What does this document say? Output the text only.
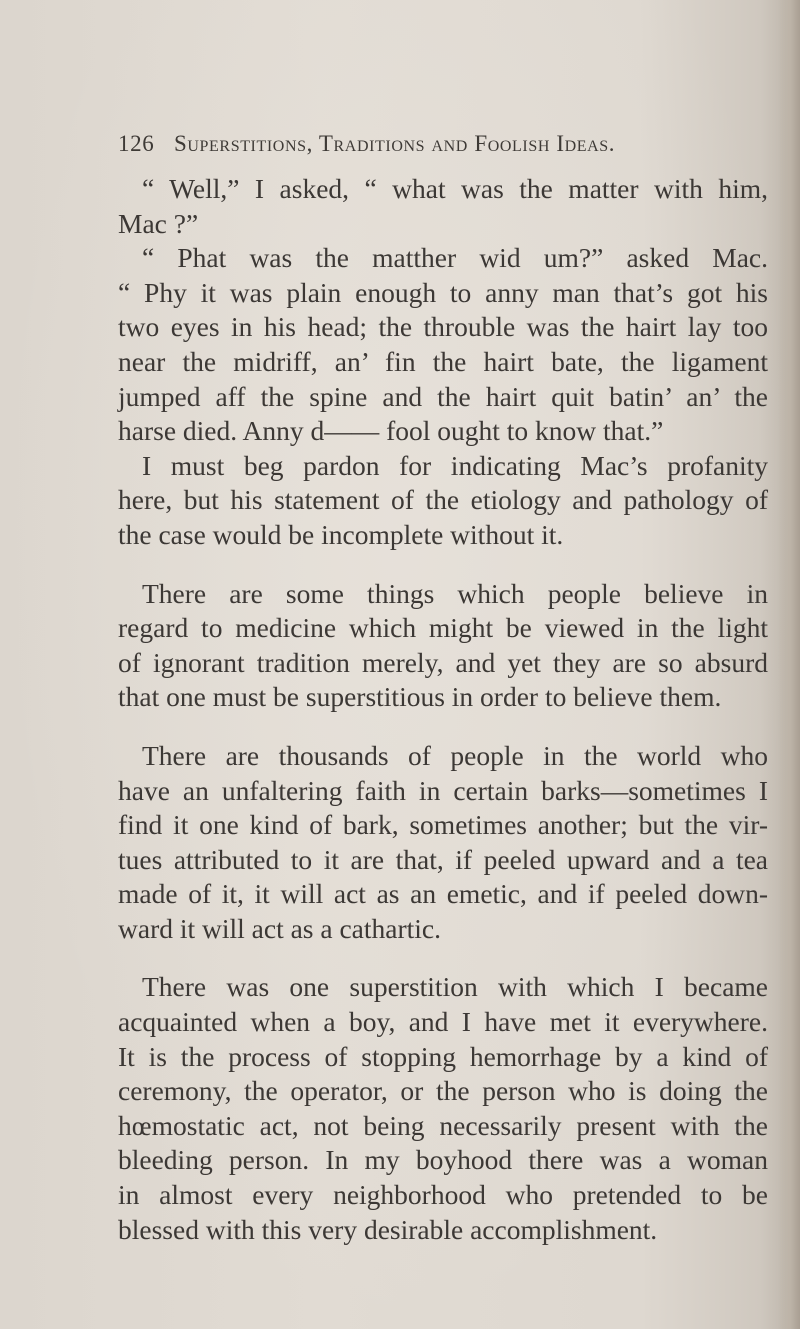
126 Superstitions, Traditions and Foolish Ideas.
“ Well,” I asked, “ what was the matter with him,
Mac ?”
“ Phat was the matther wid um?” asked Mac.
“ Phy it was plain enough to anny man that’s got his
two eyes in his head; the throuble was the hairt lay too
near the midriff, an’ fin the hairt bate, the ligament
jumped aff the spine and the hairt quit batin’ an’ the
harse died. Anny d—— fool ought to know that.”
I must beg pardon for indicating Mac’s profanity
here, but his statement of the etiology and pathology of
the case would be incomplete without it.
There are some things which people believe in
regard to medicine which might be viewed in the light
of ignorant tradition merely, and yet they are so absurd
that one must be superstitious in order to believe them.
There are thousands of people in the world who
have an unfaltering faith in certain barks—sometimes I
find it one kind of bark, sometimes another; but the vir-
tues attributed to it are that, if peeled upward and a tea
made of it, it will act as an emetic, and if peeled down-
ward it will act as a cathartic.
There was one superstition with which I became
acquainted when a boy, and I have met it everywhere.
It is the process of stopping hemorrhage by a kind of
ceremony, the operator, or the person who is doing the
hœmostatic act, not being necessarily present with the
bleeding person. In my boyhood there was a woman
in almost every neighborhood who pretended to be
blessed with this very desirable accomplishment.
